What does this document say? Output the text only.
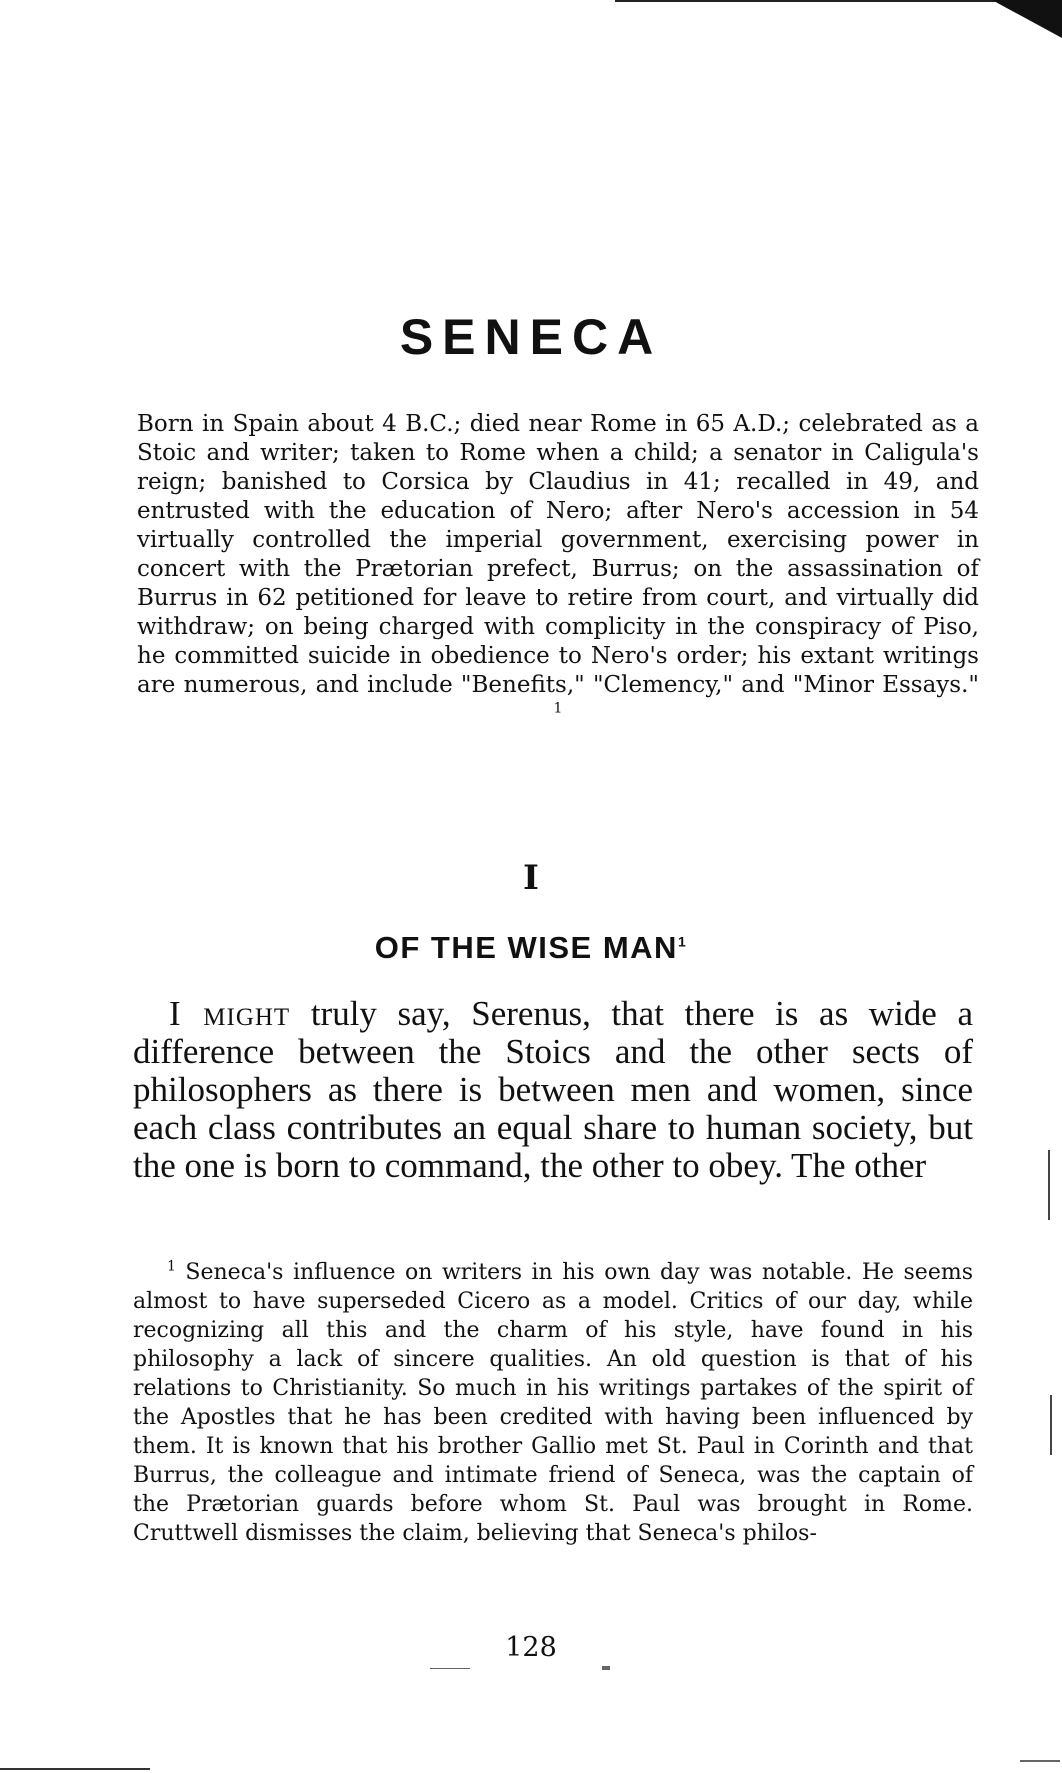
SENECA

Born in Spain about 4 B.C.; died near Rome in 65 A.D.; celebrated as a Stoic and writer; taken to Rome when a child; a senator in Caligula's reign; banished to Corsica by Claudius in 41; recalled in 49, and entrusted with the education of Nero; after Nero's accession in 54 virtually controlled the imperial government, exercising power in concert with the Prætorian prefect, Burrus; on the assassination of Burrus in 62 petitioned for leave to retire from court, and virtually did withdraw; on being charged with complicity in the conspiracy of Piso, he committed suicide in obedience to Nero's order; his extant writings are numerous, and include "Benefits," "Clemency," and "Minor Essays." $^1$

I
OF THE WISE MAN$^1$

I might truly say, Serenus, that there is as wide a difference between the Stoics and the other sects of philosophers as there is between men and women, since each class contributes an equal share to human society, but the one is born to command, the other to obey. The other

$^1$ Seneca's influence on writers in his own day was notable. He seems almost to have superseded Cicero as a model. Critics of our day, while recognizing all this and the charm of his style, have found in his philosophy a lack of sincere qualities. An old question is that of his relations to Christianity. So much in his writings partakes of the spirit of the Apostles that he has been credited with having been influenced by them. It is known that his brother Gallio met St. Paul in Corinth and that Burrus, the colleague and intimate friend of Seneca, was the captain of the Prætorian guards before whom St. Paul was brought in Rome. Cruttwell dismisses the claim, believing that Seneca's philos-

128
